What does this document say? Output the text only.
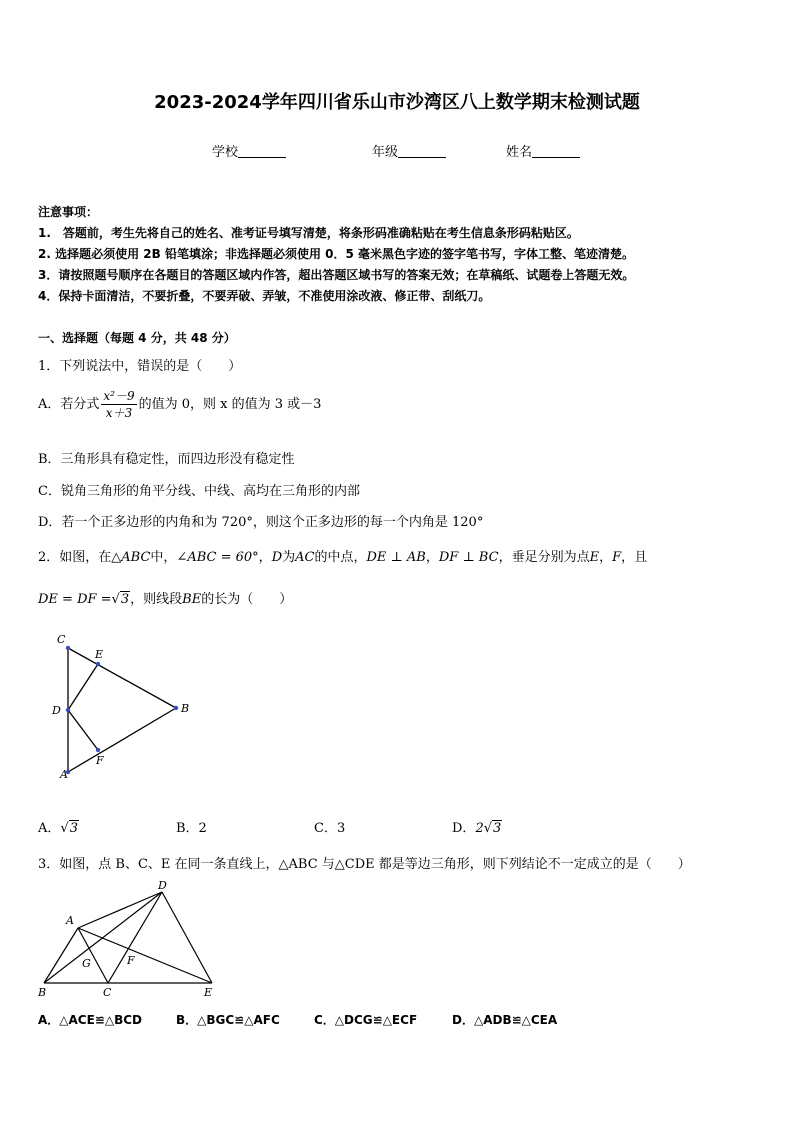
2023-2024学年四川省乐山市沙湾区八上数学期末检测试题
学校	年级	姓名
注意事项：
1.　答题前，考生先将自己的姓名、准考证号填写清楚，将条形码准确粘贴在考生信息条形码粘贴区。
2. 选择题必须使用 2B 铅笔填涂；非选择题必须使用 0．5 毫米黑色字迹的签字笔书写，字体工整、笔迹清楚。
3．请按照题号顺序在各题目的答题区域内作答，超出答题区域书写的答案无效；在草稿纸、试题卷上答题无效。
4．保持卡面清洁，不要折叠，不要弄破、弄皱，不准使用涂改液、修正带、刮纸刀。
一、选择题（每题 4 分，共 48 分）
1．下列说法中，错误的是（　　）
A．若分式 $\frac{\text{x²－9}}{x+3}$ 的值为 0，则 x 的值为 3 或－3
B．三角形具有稳定性，而四边形没有稳定性
C．锐角三角形的角平分线、中线、高均在三角形的内部
D．若一个正多边形的内角和为 720°，则这个正多边形的每一个内角是 120°
2．如图，在△ABC中，∠ABC = 60°，D为AC的中点，DE ⊥ AB，DF ⊥ BC，垂足分别为点E，F，且
DE = DF =√3，则线段BE的长为（　　）
C
E
D	B
A
F
A．√3	B．2	C．3	D．2√3
3．如图，点 B、C、E 在同一条直线上，△ABC 与△CDE 都是等边三角形，则下列结论不一定成立的是（　　）
D
A
G	F
B	C	E
A．△ACE≌△BCD	B．△BGC≌△AFC	C．△DCG≌△ECF	D．△ADB≌△CEA
